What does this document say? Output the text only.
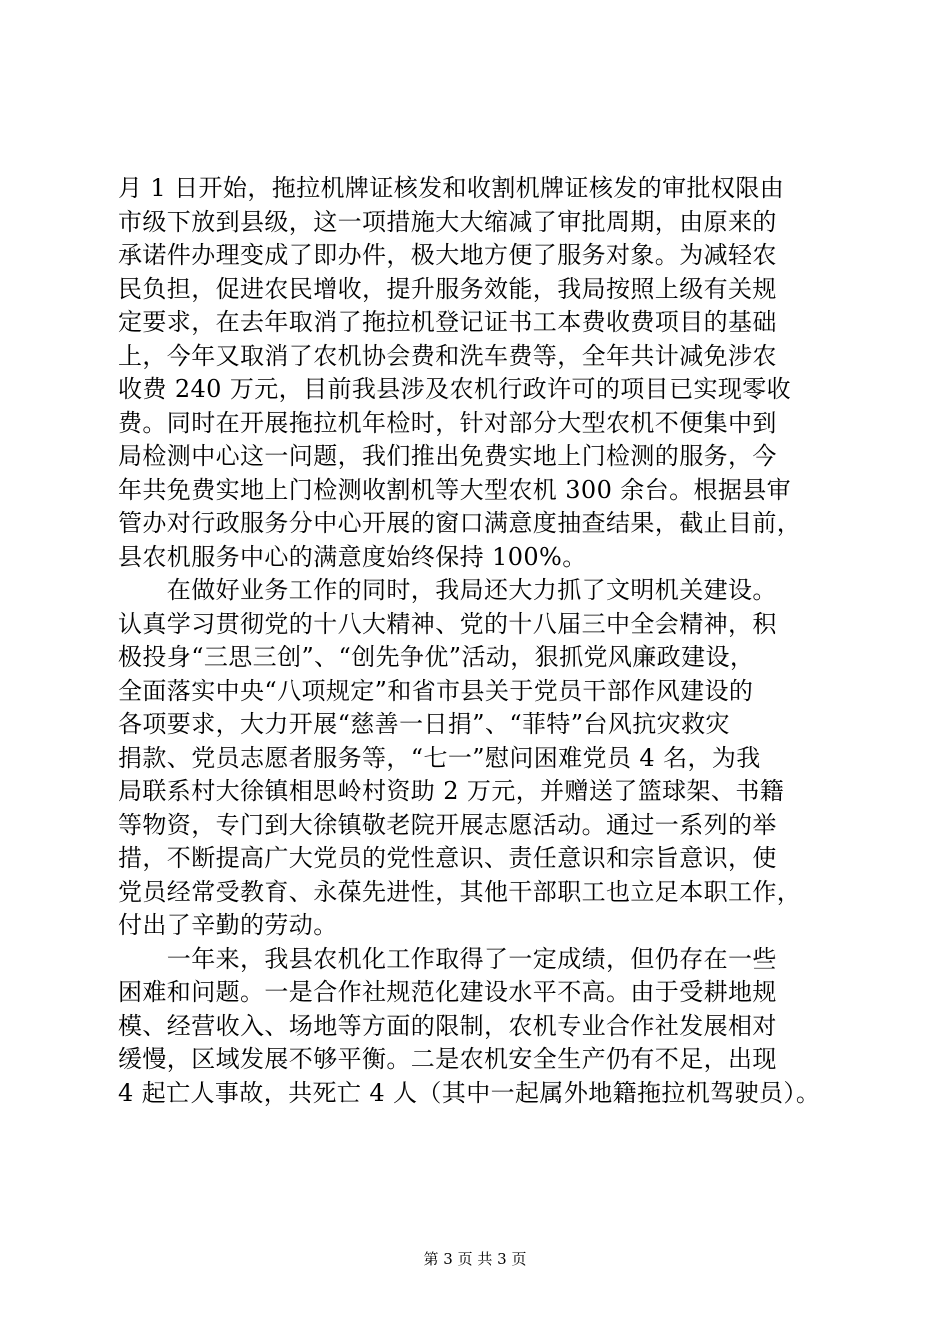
月 1 日开始，拖拉机牌证核发和收割机牌证核发的审批权限由
市级下放到县级，这一项措施大大缩减了审批周期，由原来的
承诺件办理变成了即办件，极大地方便了服务对象。为减轻农
民负担，促进农民增收，提升服务效能，我局按照上级有关规
定要求，在去年取消了拖拉机登记证书工本费收费项目的基础
上，今年又取消了农机协会费和洗车费等，全年共计减免涉农
收费 240 万元，目前我县涉及农机行政许可的项目已实现零收
费。同时在开展拖拉机年检时，针对部分大型农机不便集中到
局检测中心这一问题，我们推出免费实地上门检测的服务，今
年共免费实地上门检测收割机等大型农机 300 余台。根据县审
管办对行政服务分中心开展的窗口满意度抽查结果，截止目前，
县农机服务中心的满意度始终保持 100%。
　　在做好业务工作的同时，我局还大力抓了文明机关建设。
认真学习贯彻党的十八大精神、党的十八届三中全会精神，积
极投身“三思三创”、“创先争优”活动，狠抓党风廉政建设，
全面落实中央“八项规定”和省市县关于党员干部作风建设的
各项要求，大力开展“慈善一日捐”、“菲特”台风抗灾救灾
捐款、党员志愿者服务等，“七一”慰问困难党员 4 名，为我
局联系村大徐镇相思岭村资助 2 万元，并赠送了篮球架、书籍
等物资，专门到大徐镇敬老院开展志愿活动。通过一系列的举
措，不断提高广大党员的党性意识、责任意识和宗旨意识，使
党员经常受教育、永葆先进性，其他干部职工也立足本职工作，
付出了辛勤的劳动。
　　一年来，我县农机化工作取得了一定成绩，但仍存在一些
困难和问题。一是合作社规范化建设水平不高。由于受耕地规
模、经营收入、场地等方面的限制，农机专业合作社发展相对
缓慢，区域发展不够平衡。二是农机安全生产仍有不足，出现
4 起亡人事故，共死亡 4 人（其中一起属外地籍拖拉机驾驶员）。
第 3 页 共 3 页
